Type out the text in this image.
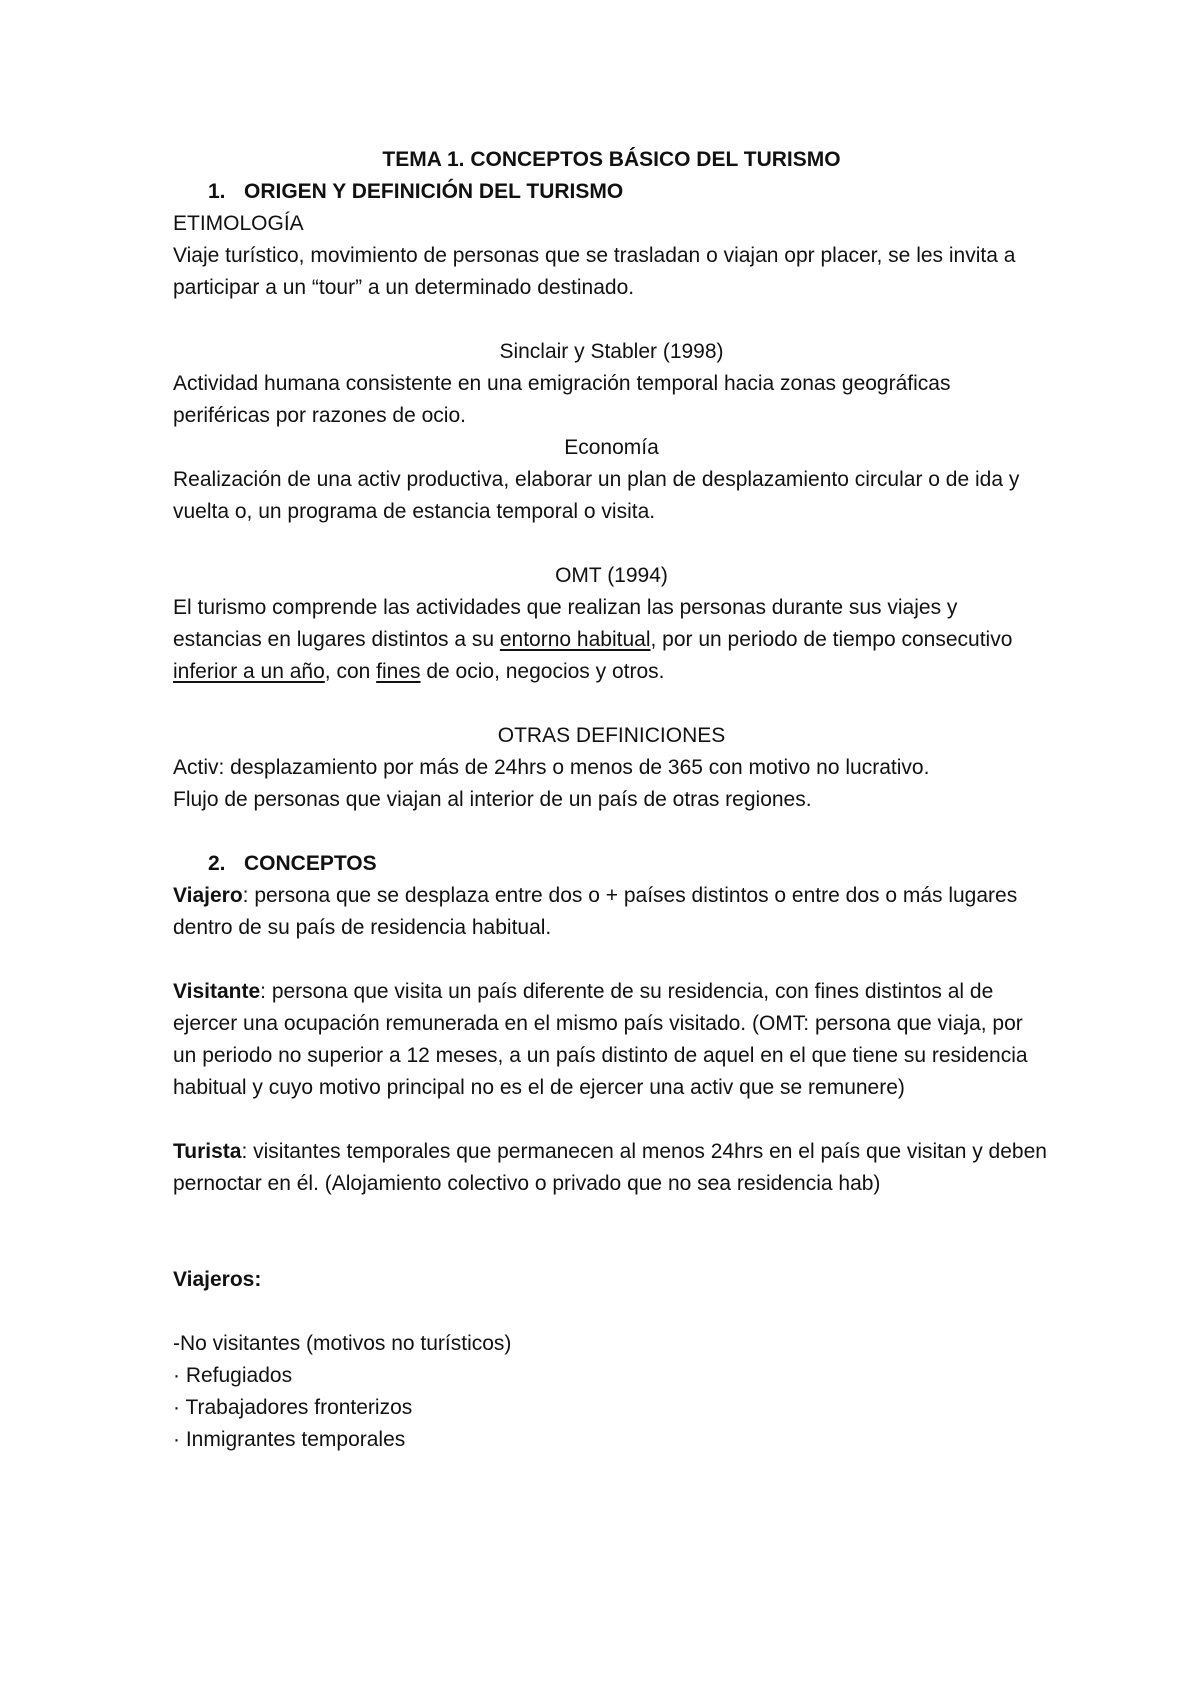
TEMA 1. CONCEPTOS BÁSICO DEL TURISMO
1. ORIGEN Y DEFINICIÓN DEL TURISMO

ETIMOLOGÍA

Viaje turístico, movimiento de personas que se trasladan o viajan opr placer, se les invita a participar a un “tour” a un determinado destinado.

Sinclair y Stabler (1998)

Actividad humana consistente en una emigración temporal hacia zonas geográficas periféricas por razones de ocio.

Economía

Realización de una activ productiva, elaborar un plan de desplazamiento circular o de ida y vuelta o, un programa de estancia temporal o visita.

OMT (1994)

El turismo comprende las actividades que realizan las personas durante sus viajes y estancias en lugares distintos a su entorno habitual, por un periodo de tiempo consecutivo inferior a un año, con fines de ocio, negocios y otros.

OTRAS DEFINICIONES

Activ: desplazamiento por más de 24hrs o menos de 365 con motivo no lucrativo.

Flujo de personas que viajan al interior de un país de otras regiones.

2. CONCEPTOS

Viajero: persona que se desplaza entre dos o + países distintos o entre dos o más lugares dentro de su país de residencia habitual.

Visitante: persona que visita un país diferente de su residencia, con fines distintos al de ejercer una ocupación remunerada en el mismo país visitado. (OMT: persona que viaja, por un periodo no superior a 12 meses, a un país distinto de aquel en el que tiene su residencia habitual y cuyo motivo principal no es el de ejercer una activ que se remunere)

Turista: visitantes temporales que permanecen al menos 24hrs en el país que visitan y deben pernoctar en él. (Alojamiento colectivo o privado que no sea residencia hab)

Viajeros:

-No visitantes (motivos no turísticos)

· Refugiados

· Trabajadores fronterizos

· Inmigrantes temporales
